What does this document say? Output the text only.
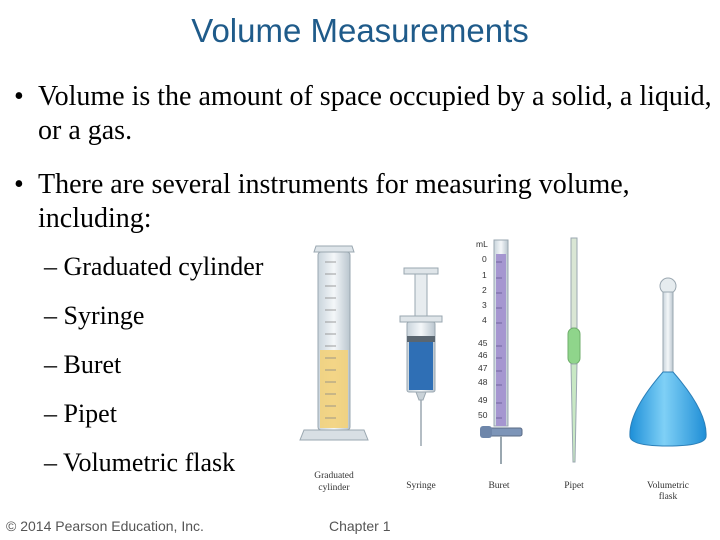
Volume Measurements
• Volume is the amount of space occupied by a solid, a liquid, or a gas.
• There are several instruments for measuring volume, including:
– Graduated cylinder
– Syringe
– Buret
– Pipet
– Volumetric flask
mL
0
1
2
3
4
45
46
47
48
49
50
Graduated
cylinder	Syringe	Buret	Pipet	Volumetric
flask
© 2014 Pearson Education, Inc.	Chapter 1
